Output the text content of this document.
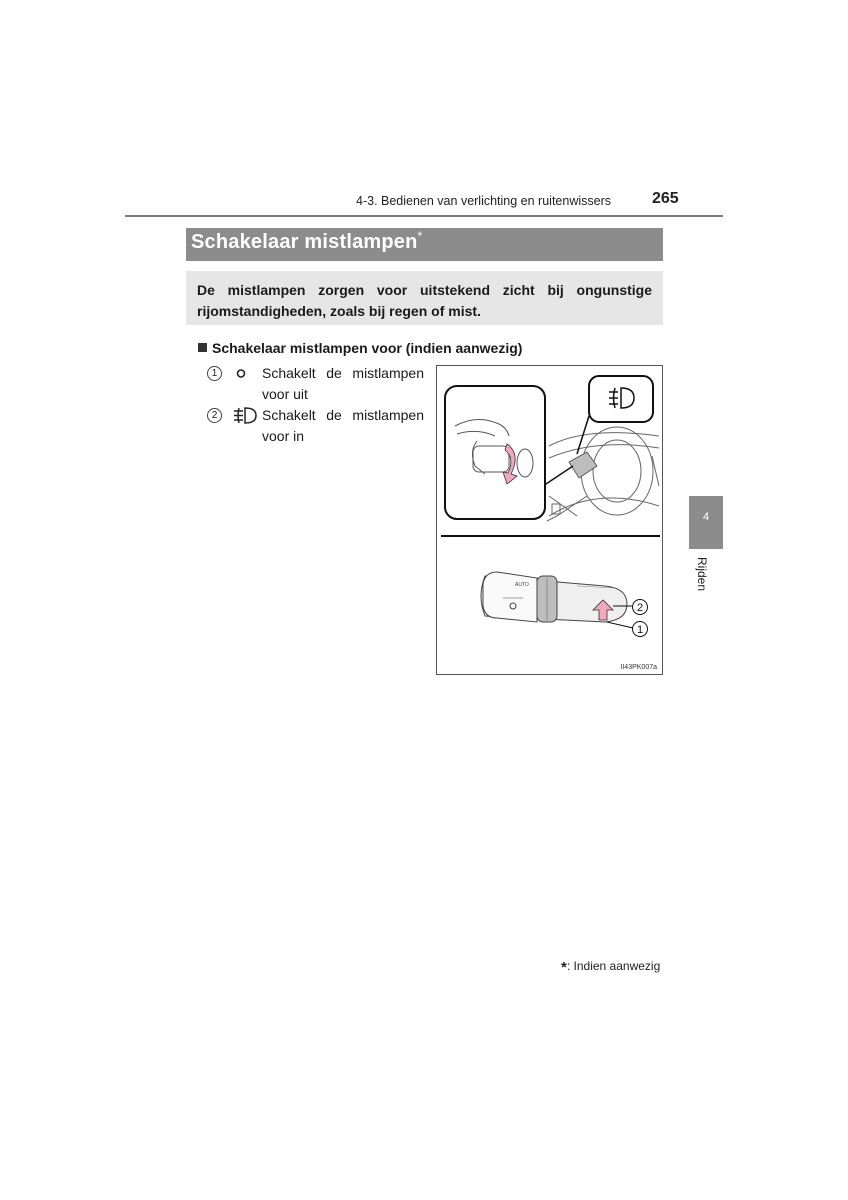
4-3. Bedienen van verlichting en ruitenwissers	265
Schakelaar mistlampen*
De mistlampen zorgen voor uitstekend zicht bij ongunstige rijomstandigheden, zoals bij regen of mist.
Schakelaar mistlampen voor (indien aanwezig)
1	Schakelt de mistlampen voor uit
2	Schakelt de mistlampen voor in
AUTO
2
1
II43PK007a
4
Rijden
*: Indien aanwezig
